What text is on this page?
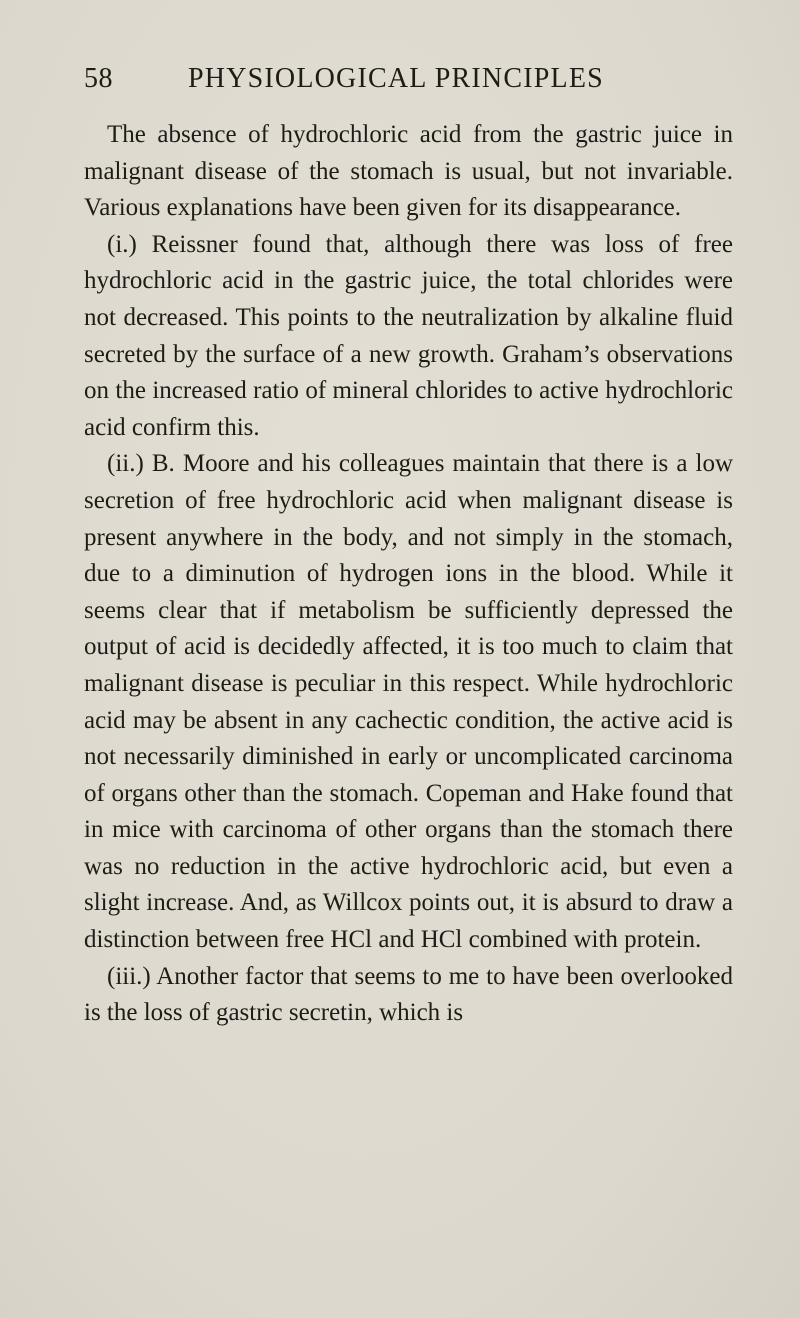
58	PHYSIOLOGICAL PRINCIPLES

The absence of hydrochloric acid from the gastric juice in malignant disease of the stomach is usual, but not invariable. Various explanations have been given for its disappearance.

(i.) Reissner found that, although there was loss of free hydrochloric acid in the gastric juice, the total chlorides were not decreased. This points to the neutralization by alkaline fluid secreted by the surface of a new growth. Graham’s observations on the increased ratio of mineral chlorides to active hydrochloric acid confirm this.

(ii.) B. Moore and his colleagues maintain that there is a low secretion of free hydrochloric acid when malignant disease is present anywhere in the body, and not simply in the stomach, due to a diminution of hydrogen ions in the blood. While it seems clear that if metabolism be sufficiently depressed the output of acid is decidedly affected, it is too much to claim that malignant disease is peculiar in this respect. While hydrochloric acid may be absent in any cachectic condition, the active acid is not necessarily diminished in early or uncomplicated carcinoma of organs other than the stomach. Copeman and Hake found that in mice with carcinoma of other organs than the stomach there was no reduction in the active hydrochloric acid, but even a slight increase. And, as Willcox points out, it is absurd to draw a distinction between free HCl and HCl combined with protein.

(iii.) Another factor that seems to me to have been overlooked is the loss of gastric secretin, which is
